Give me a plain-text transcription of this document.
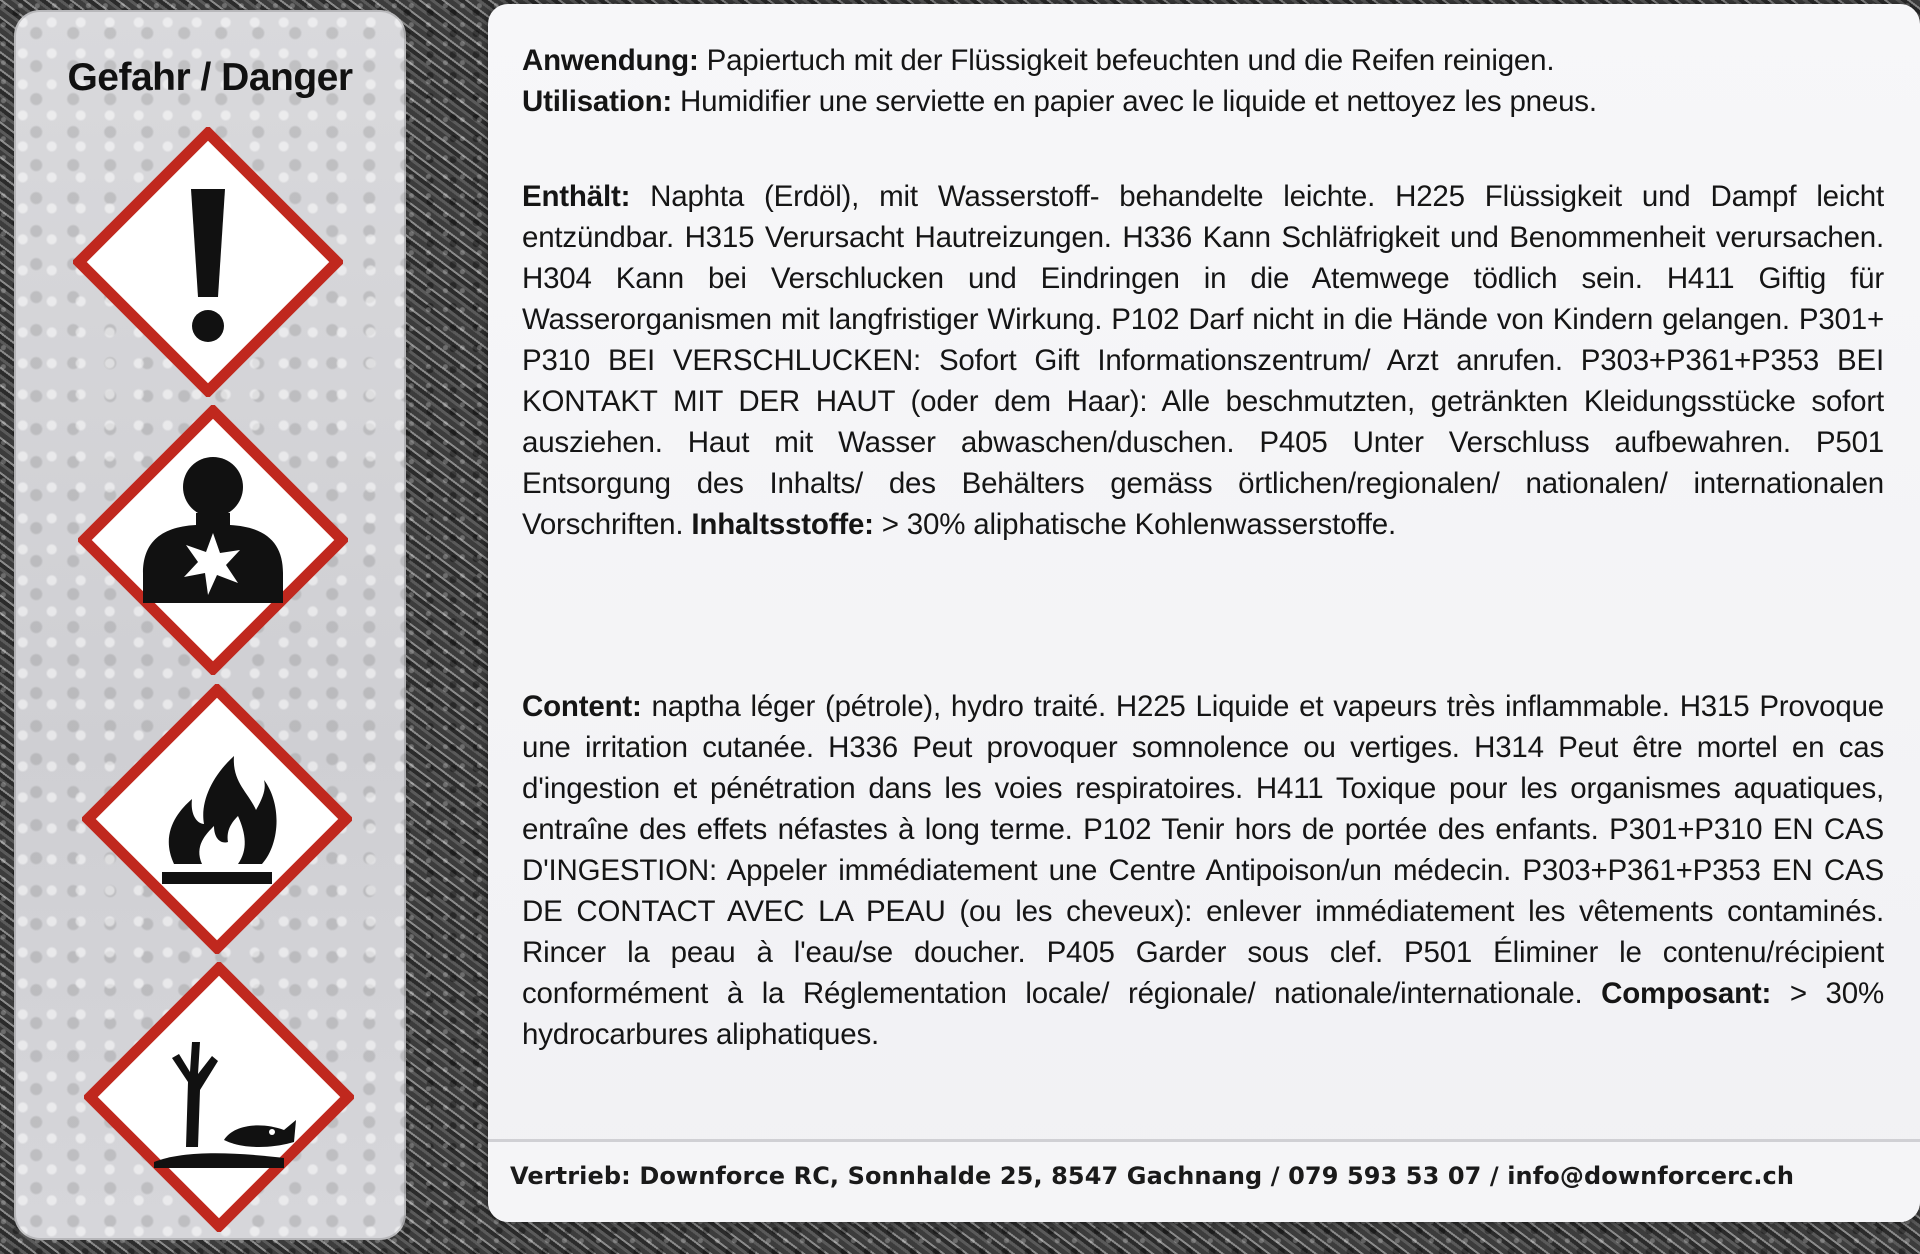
Gefahr / Danger	Anwendung: Papiertuch mit der Flüssigkeit befeuchten und die Reifen reinigen.
Utilisation: Humidifier une serviette en papier avec le liquide et nettoyez les pneus.
Enthält: Naphta (Erdöl), mit Wasserstoff- behandelte leichte. H225 Flüssigkeit und Dampf leicht entzündbar. H315 Verursacht Hautreizungen. H336 Kann Schläfrigkeit und Benommenheit verursachen. H304 Kann bei Verschlucken und Eindringen in die Atemwege tödlich sein. H411 Giftig für Wasserorganismen mit langfristiger Wirkung. P102 Darf nicht in die Hände von Kindern gelangen. P301+ P310 BEI VERSCHLUCKEN: Sofort Gift Informationszentrum/ Arzt anrufen. P303+P361+P353 BEI KONTAKT MIT DER HAUT (oder dem Haar): Alle beschmutzten, getränkten Kleidungsstücke sofort ausziehen. Haut mit Wasser abwaschen/duschen. P405 Unter Verschluss aufbewahren. P501 Entsorgung des Inhalts/ des Behälters gemäss örtlichen/regionalen/ nationalen/ internationalen Vorschriften. Inhaltsstoffe: > 30% aliphatische Kohlenwasserstoffe.
Content: naptha léger (pétrole), hydro traité. H225 Liquide et vapeurs très inflammable. H315 Provoque une irritation cutanée. H336 Peut provoquer somnolence ou vertiges. H314 Peut être mortel en cas d'ingestion et pénétration dans les voies respiratoires. H411 Toxique pour les organismes aquatiques, entraîne des effets néfastes à long terme. P102 Tenir hors de portée des enfants. P301+P310 EN CAS D'INGESTION: Appeler immédiatement une Centre Antipoison/un médecin. P303+P361+P353 EN CAS DE CONTACT AVEC LA PEAU (ou les cheveux): enlever immédiatement les vêtements contaminés. Rincer la peau à l'eau/se doucher. P405 Garder sous clef. P501 Éliminer le contenu/récipient conformément à la Réglementation locale/ régionale/ nationale/internationale. Composant: > 30% hydrocarbures aliphatiques.
Vertrieb: Downforce RC, Sonnhalde 25, 8547 Gachnang / 079 593 53 07 / info@downforcerc.ch
